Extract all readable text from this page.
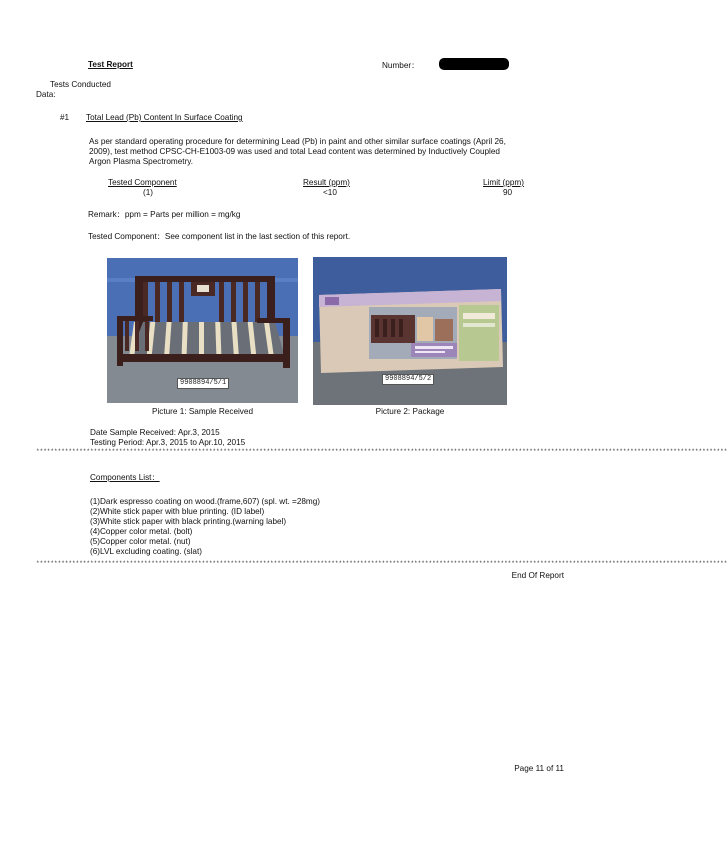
Test Report	Number：
Tests Conducted
Data:
#1 Total Lead (Pb) Content In Surface Coating
As per standard operating procedure for determining Lead (Pb) in paint and other similar surface coatings (April 26,
2009), test method CPSC-CH-E1003-09 was used and total Lead content was determined by Inductively Coupled
Argon Plasma Spectrometry.
Tested Component	Result (ppm)	Limit (ppm)
(1)	<10	90
Remark：ppm = Parts per million = mg/kg
Tested Component：See component list in the last section of this report.
9908894/5/1
Picture 1: Sample Received
9908894/5/2
Picture 2: Package
Date Sample Received: Apr.3, 2015
Testing Period: Apr.3, 2015 to Apr.10, 2015
************************************************************************************************************************************************************************************************
Components List：
(1)Dark espresso coating on wood.(frame,607) (spl. wt. =28mg)
(2)White stick paper with blue printing. (ID label)
(3)White stick paper with black printing.(warning label)
(4)Copper color metal. (bolt)
(5)Copper color metal. (nut)
(6)LVL excluding coating. (slat)
************************************************************************************************************************************************************************************************
End Of Report
Page 11 of 11
